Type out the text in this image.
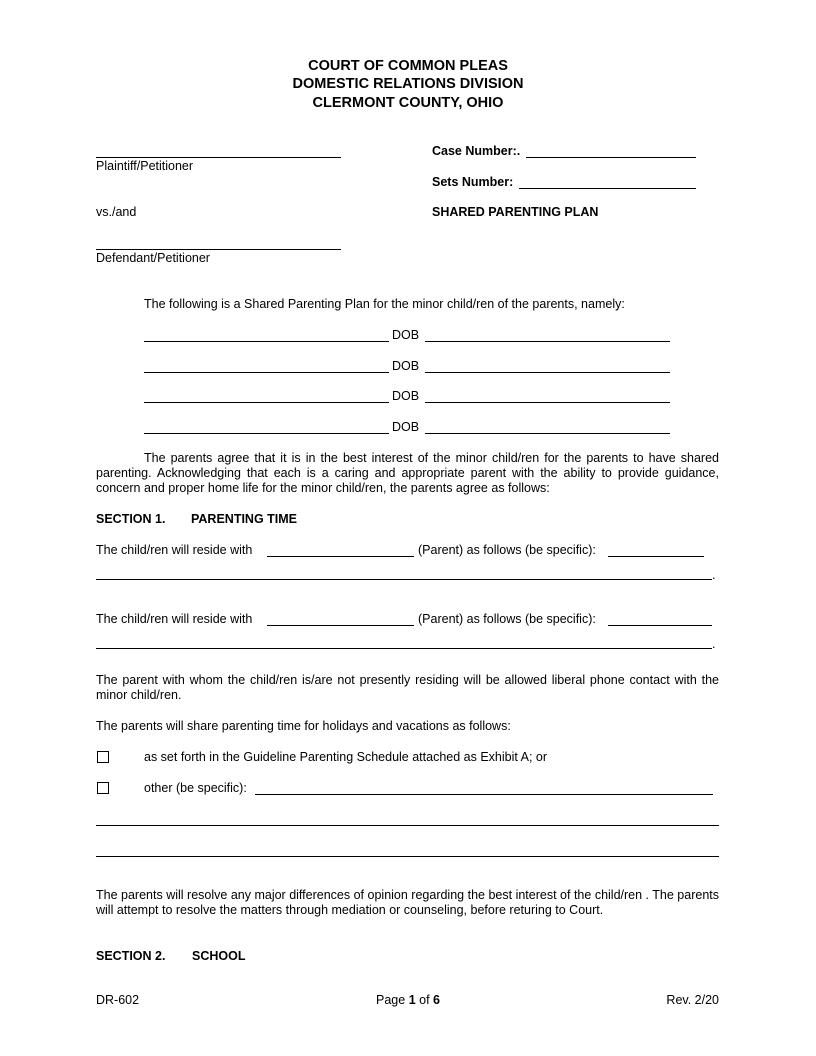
COURT OF COMMON PLEAS
DOMESTIC RELATIONS DIVISION
CLERMONT COUNTY, OHIO
Plaintiff/Petitioner
vs./and
Defendant/Petitioner
Case Number:.
Sets Number:
SHARED PARENTING PLAN
The following is a Shared Parenting Plan for the minor child/ren of the parents, namely:
DOB
DOB
DOB
DOB
The parents agree that it is in the best interest of the minor child/ren for the parents to have shared parenting. Acknowledging that each is a caring and appropriate parent with the ability to provide guidance, concern and proper home life for the minor child/ren, the parents agree as follows:
SECTION 1. PARENTING TIME
The child/ren will reside with	(Parent) as follows (be specific):
.
The child/ren will reside with	(Parent) as follows (be specific):
.
The parent with whom the child/ren is/are not presently residing will be allowed liberal phone contact with the minor child/ren.
The parents will share parenting time for holidays and vacations as follows:
as set forth in the Guideline Parenting Schedule attached as Exhibit A; or
other (be specific):
The parents will resolve any major differences of opinion regarding the best interest of the child/ren . The parents will attempt to resolve the matters through mediation or counseling, before returing to Court.
SECTION 2. SCHOOL
DR-602	Page 1 of 6	Rev. 2/20
